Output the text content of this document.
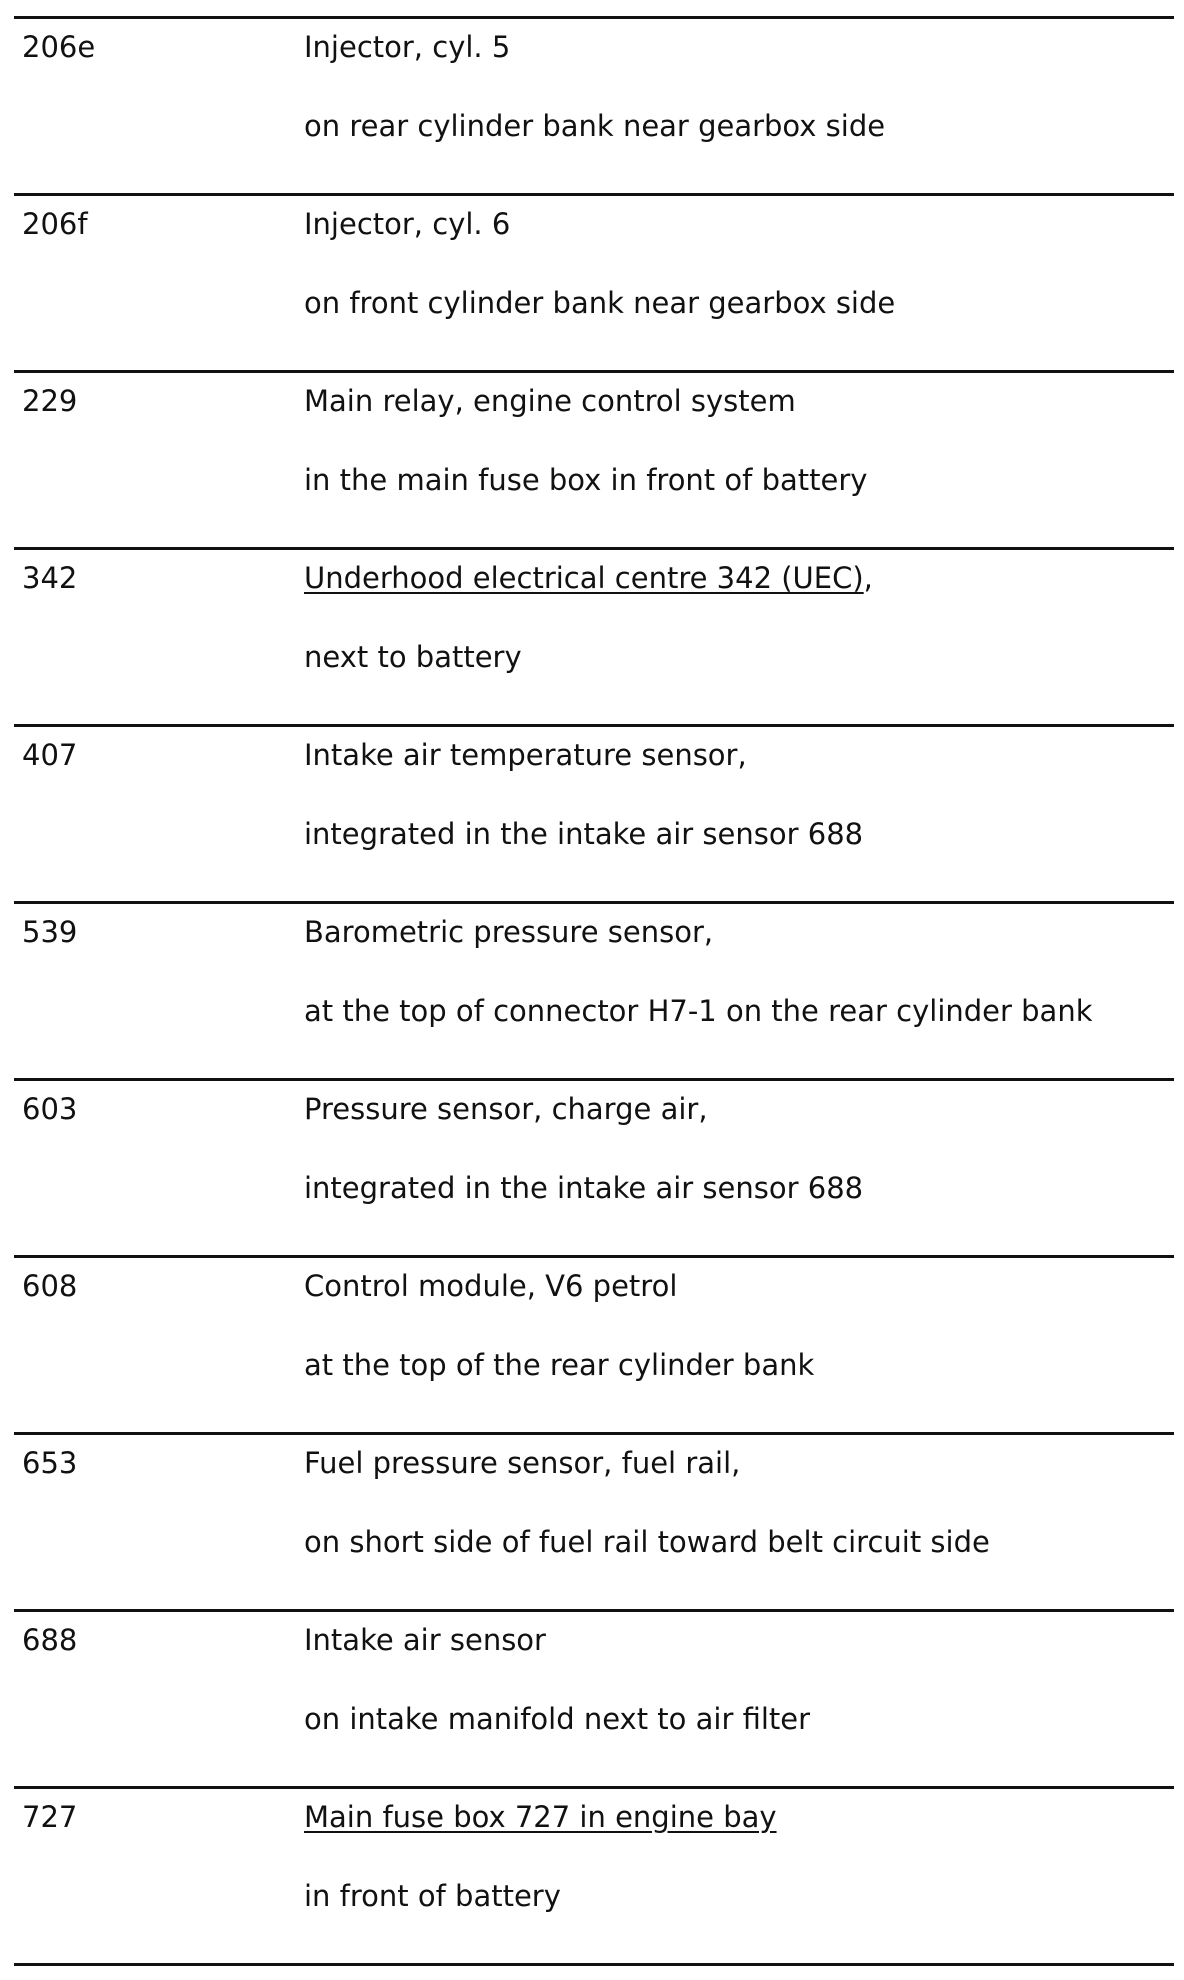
206e	Injector, cyl. 5
on rear cylinder bank near gearbox side
206f	Injector, cyl. 6
on front cylinder bank near gearbox side
229	Main relay, engine control system
in the main fuse box in front of battery
342	Underhood electrical centre 342 (UEC),
next to battery
407	Intake air temperature sensor,
integrated in the intake air sensor 688
539	Barometric pressure sensor,
at the top of connector H7-1 on the rear cylinder bank
603	Pressure sensor, charge air,
integrated in the intake air sensor 688
608	Control module, V6 petrol
at the top of the rear cylinder bank
653	Fuel pressure sensor, fuel rail,
on short side of fuel rail toward belt circuit side
688	Intake air sensor
on intake manifold next to air filter
727	Main fuse box 727 in engine bay
in front of battery
